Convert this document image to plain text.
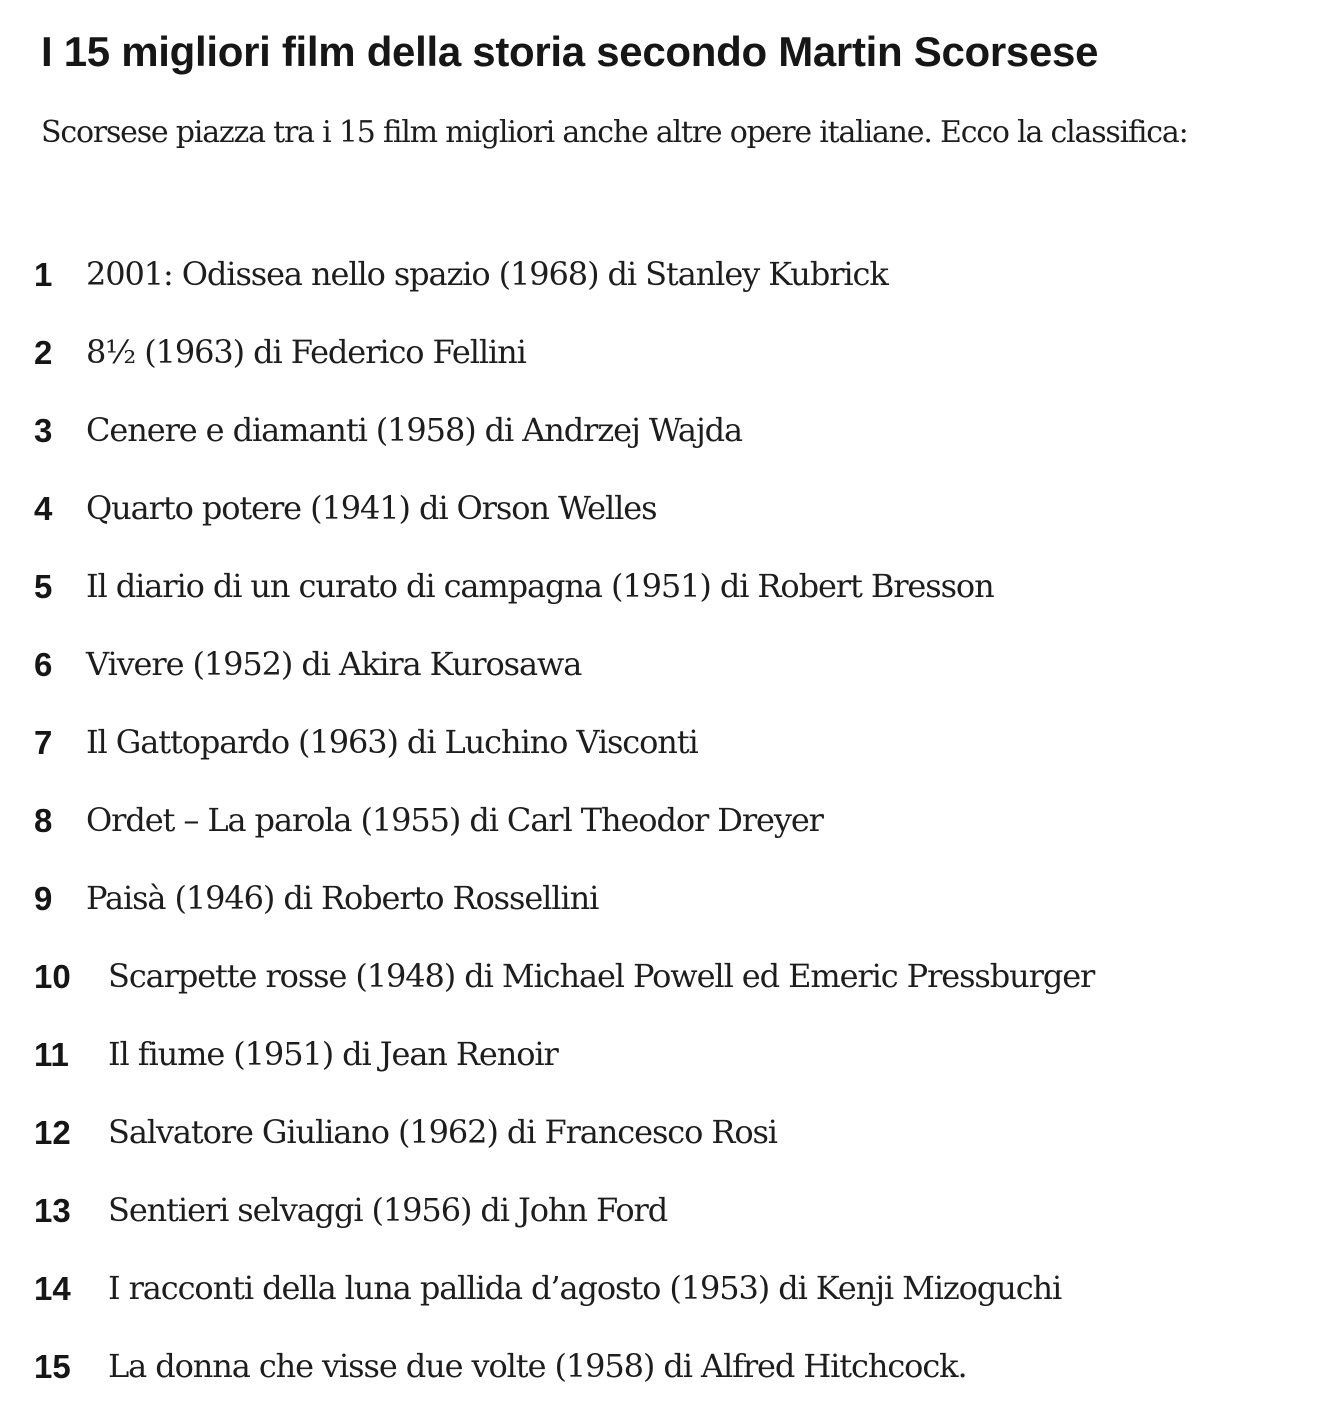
I 15 migliori film della storia secondo Martin Scorsese

Scorsese piazza tra i 15 film migliori anche altre opere italiane. Ecco la classifica:

1 2001: Odissea nello spazio (1968) di Stanley Kubrick
2 8½ (1963) di Federico Fellini
3 Cenere e diamanti (1958) di Andrzej Wajda
4 Quarto potere (1941) di Orson Welles
5 Il diario di un curato di campagna (1951) di Robert Bresson
6 Vivere (1952) di Akira Kurosawa
7 Il Gattopardo (1963) di Luchino Visconti
8 Ordet – La parola (1955) di Carl Theodor Dreyer
9 Paisà (1946) di Roberto Rossellini
10 Scarpette rosse (1948) di Michael Powell ed Emeric Pressburger
11 Il fiume (1951) di Jean Renoir
12 Salvatore Giuliano (1962) di Francesco Rosi
13 Sentieri selvaggi (1956) di John Ford
14 I racconti della luna pallida d’agosto (1953) di Kenji Mizoguchi
15 La donna che visse due volte (1958) di Alfred Hitchcock.
